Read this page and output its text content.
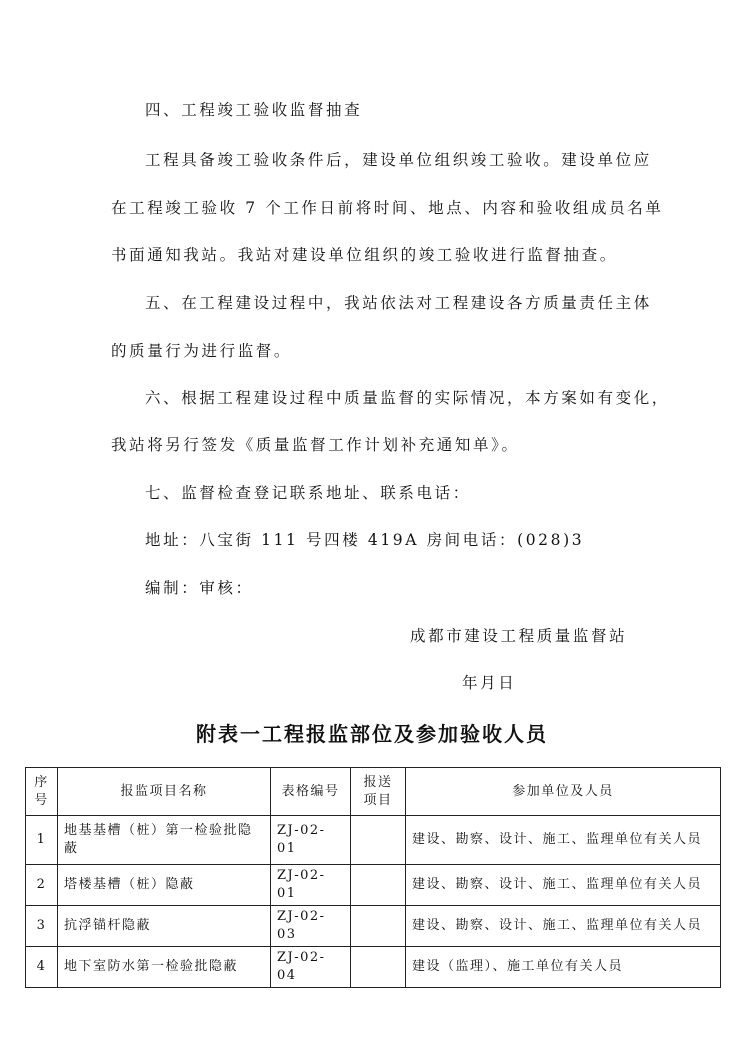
四、工程竣工验收监督抽查
工程具备竣工验收条件后，建设单位组织竣工验收。建设单位应
在工程竣工验收 7 个工作日前将时间、地点、内容和验收组成员名单
书面通知我站。我站对建设单位组织的竣工验收进行监督抽查。
五、在工程建设过程中，我站依法对工程建设各方质量责任主体
的质量行为进行监督。
六、根据工程建设过程中质量监督的实际情况，本方案如有变化，
我站将另行签发《质量监督工作计划补充通知单》。
七、监督检查登记联系地址、联系电话：
地址：八宝街 111 号四楼 419A 房间电话：(028)3
编制：审核：
成都市建设工程质量监督站
年月日
附表一工程报监部位及参加验收人员
序号	报监项目名称	表格编号	报送项目	参加单位及人员
1	地基基槽（桩）第一检验批隐蔽	ZJ-02-01		建设、勘察、设计、施工、监理单位有关人员
2	塔楼基槽（桩）隐蔽	ZJ-02-01		建设、勘察、设计、施工、监理单位有关人员
3	抗浮锚杆隐蔽	ZJ-02-03		建设、勘察、设计、施工、监理单位有关人员
4	地下室防水第一检验批隐蔽	ZJ-02-04		建设（监理）、施工单位有关人员
